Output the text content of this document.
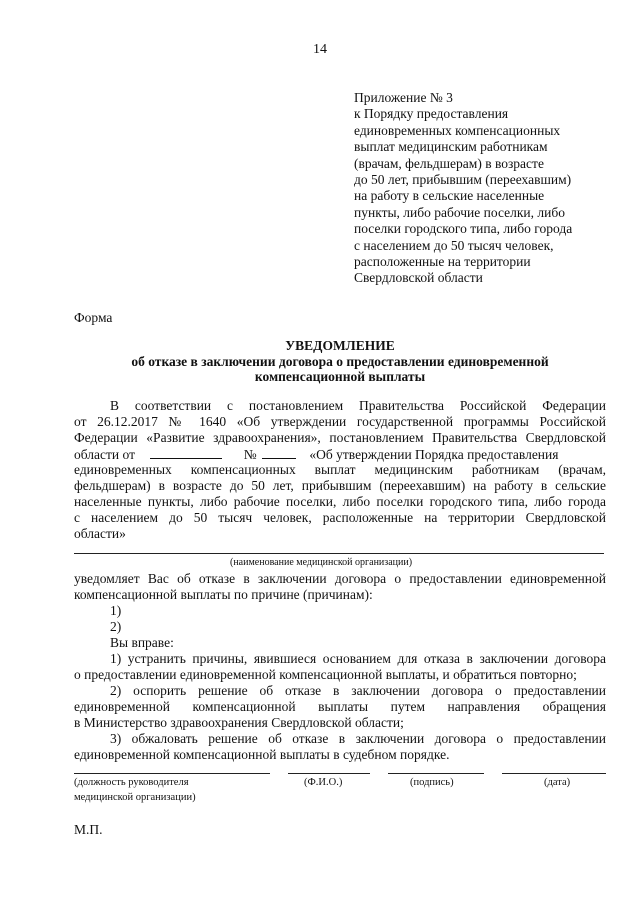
14
Приложение № 3
к Порядку предоставления
единовременных компенсационных
выплат медицинским работникам
(врачам, фельдшерам) в возрасте
до 50 лет, прибывшим (переехавшим)
на работу в сельские населенные
пункты, либо рабочие поселки, либо
поселки городского типа, либо города
с населением до 50 тысяч человек,
расположенные на территории
Свердловской области
Форма
УВЕДОМЛЕНИЕ
об отказе в заключении договора о предоставлении единовременной
компенсационной выплаты
В соответствии с постановлением Правительства Российской Федерации
от 26.12.2017 № 1640 «Об утверждении государственной программы Российской
Федерации «Развитие здравоохранения», постановлением Правительства Свердловской
области от	№	«Об утверждении Порядка предоставления
единовременных компенсационных выплат медицинским работникам (врачам,
фельдшерам) в возрасте до 50 лет, прибывшим (переехавшим) на работу в сельские
населенные пункты, либо рабочие поселки, либо поселки городского типа, либо города
с населением до 50 тысяч человек, расположенные на территории Свердловской
области»
(наименование медицинской организации)
уведомляет Вас об отказе в заключении договора о предоставлении единовременной
компенсационной выплаты по причине (причинам):
1)
2)
Вы вправе:
1) устранить причины, явившиеся основанием для отказа в заключении договора
о предоставлении единовременной компенсационной выплаты, и обратиться повторно;
2) оспорить решение об отказе в заключении договора о предоставлении
единовременной компенсационной выплаты путем направления обращения
в Министерство здравоохранения Свердловской области;
3) обжаловать решение об отказе в заключении договора о предоставлении
единовременной компенсационной выплаты в судебном порядке.
(должность руководителя
медицинской организации)
(Ф.И.О.)	(подпись)	(дата)
М.П.
